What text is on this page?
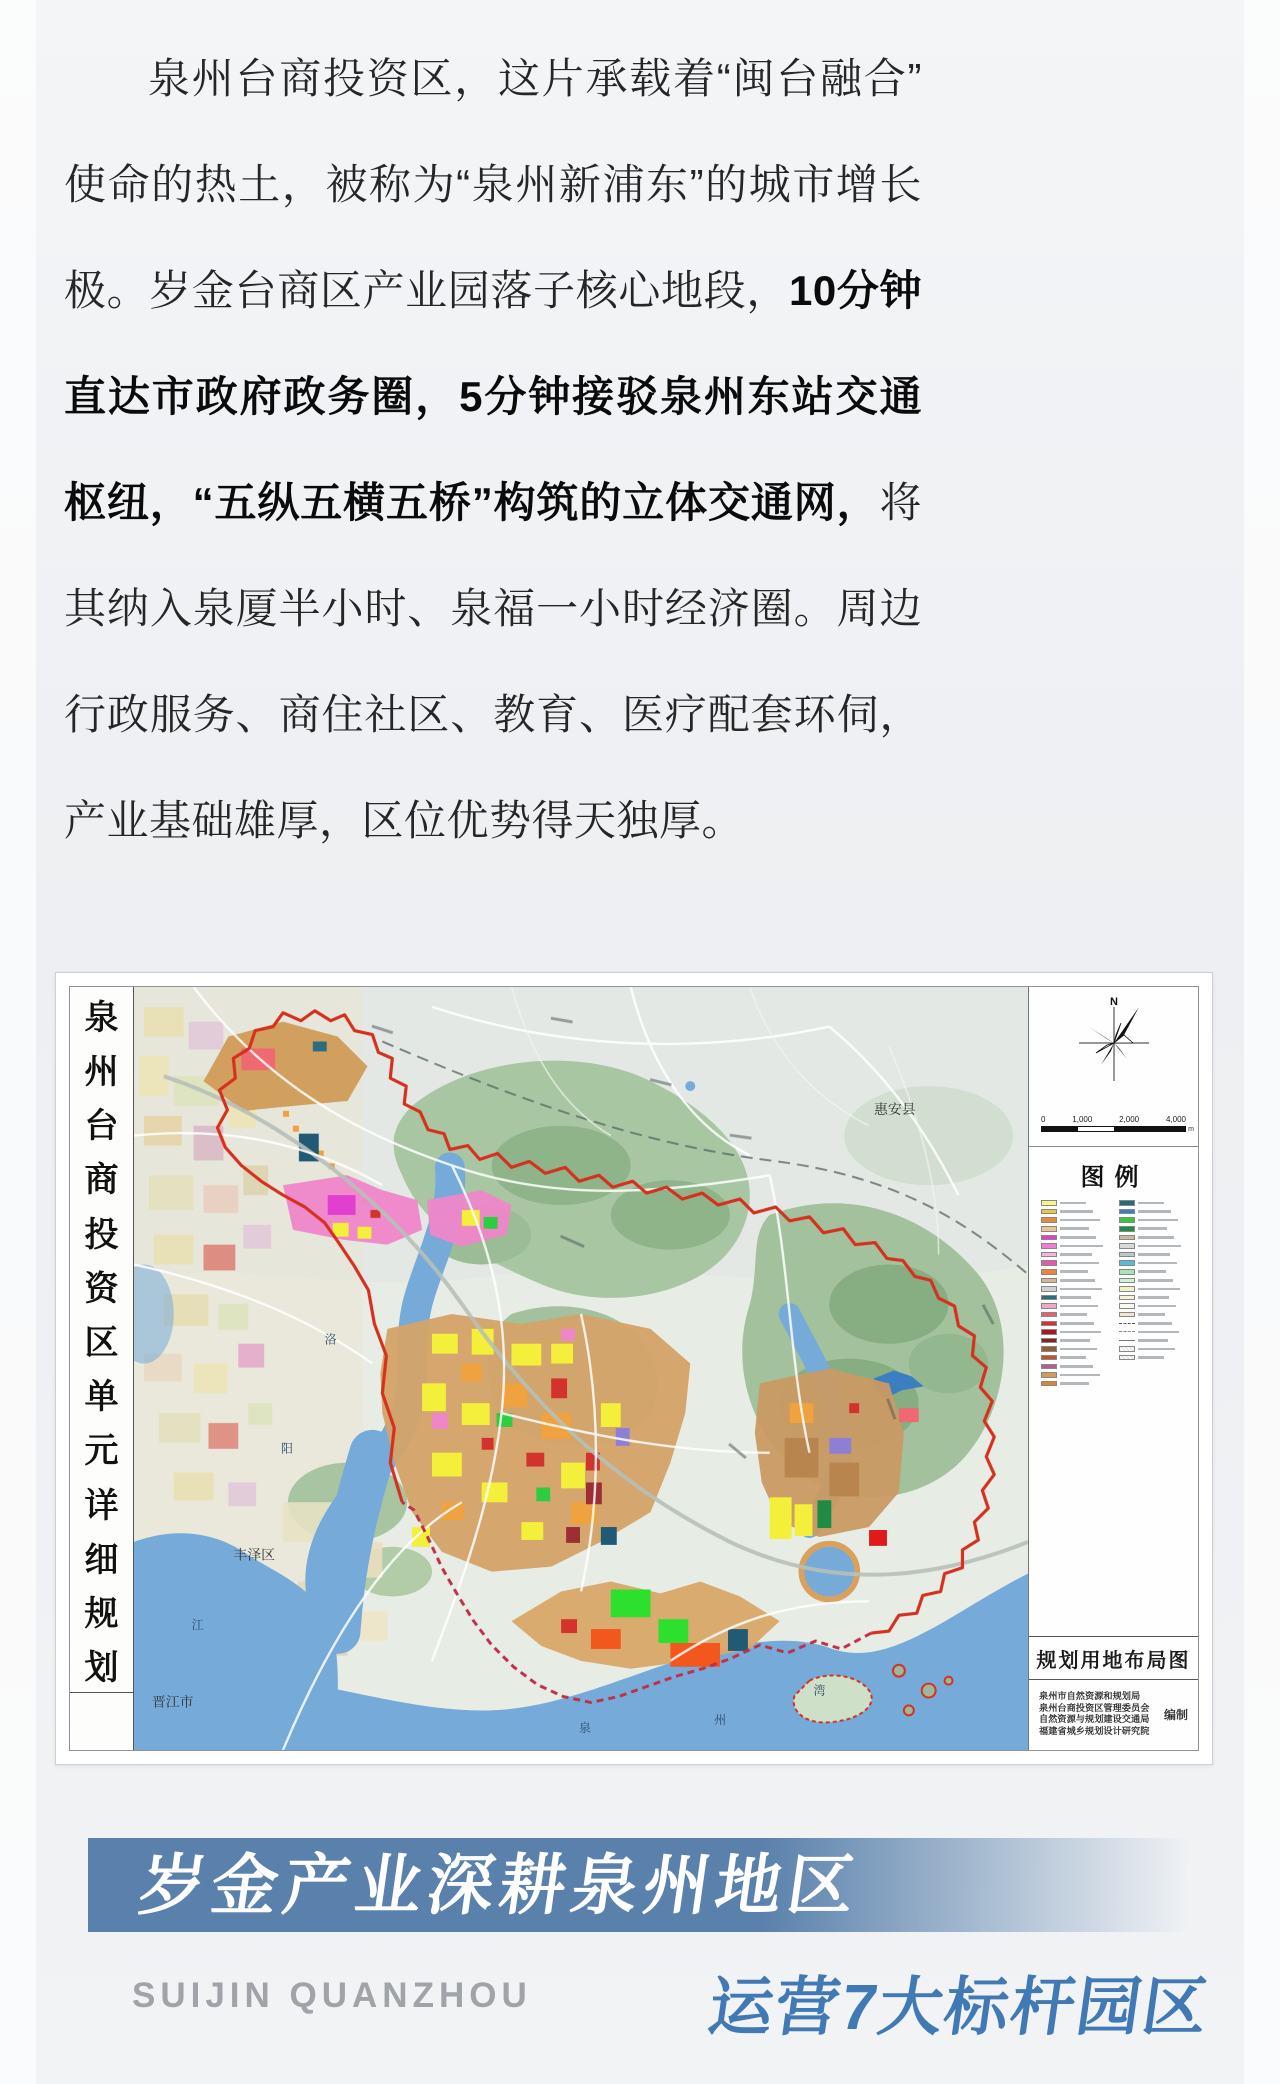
泉州台商投资区，这片承载着“闽台融合”
使命的热土，被称为“泉州新浦东”的城市增长
极。岁金台商区产业园落子核心地段，10分钟
直达市政府政务圈，5分钟接驳泉州东站交通
枢纽，“五纵五横五桥”构筑的立体交通网，将
其纳入泉厦半小时、泉福一小时经济圈。周边
行政服务、商住社区、教育、医疗配套环伺，
产业基础雄厚，区位优势得天独厚。
泉
州
台
商
投
资
区
单
元
详
细
规
划
惠安县
丰泽区
晋江市
洛
阳
江
泉
州
湾
N
0	1,000	2,000	4,000
m
图例
规划用地布局图
泉州市自然资源和规划局
泉州台商投资区管理委员会
自然资源与规划建设交通局
福建省城乡规划设计研究院
编制
岁金产业深耕泉州地区
SUIJIN QUANZHOU	运营7大标杆园区
